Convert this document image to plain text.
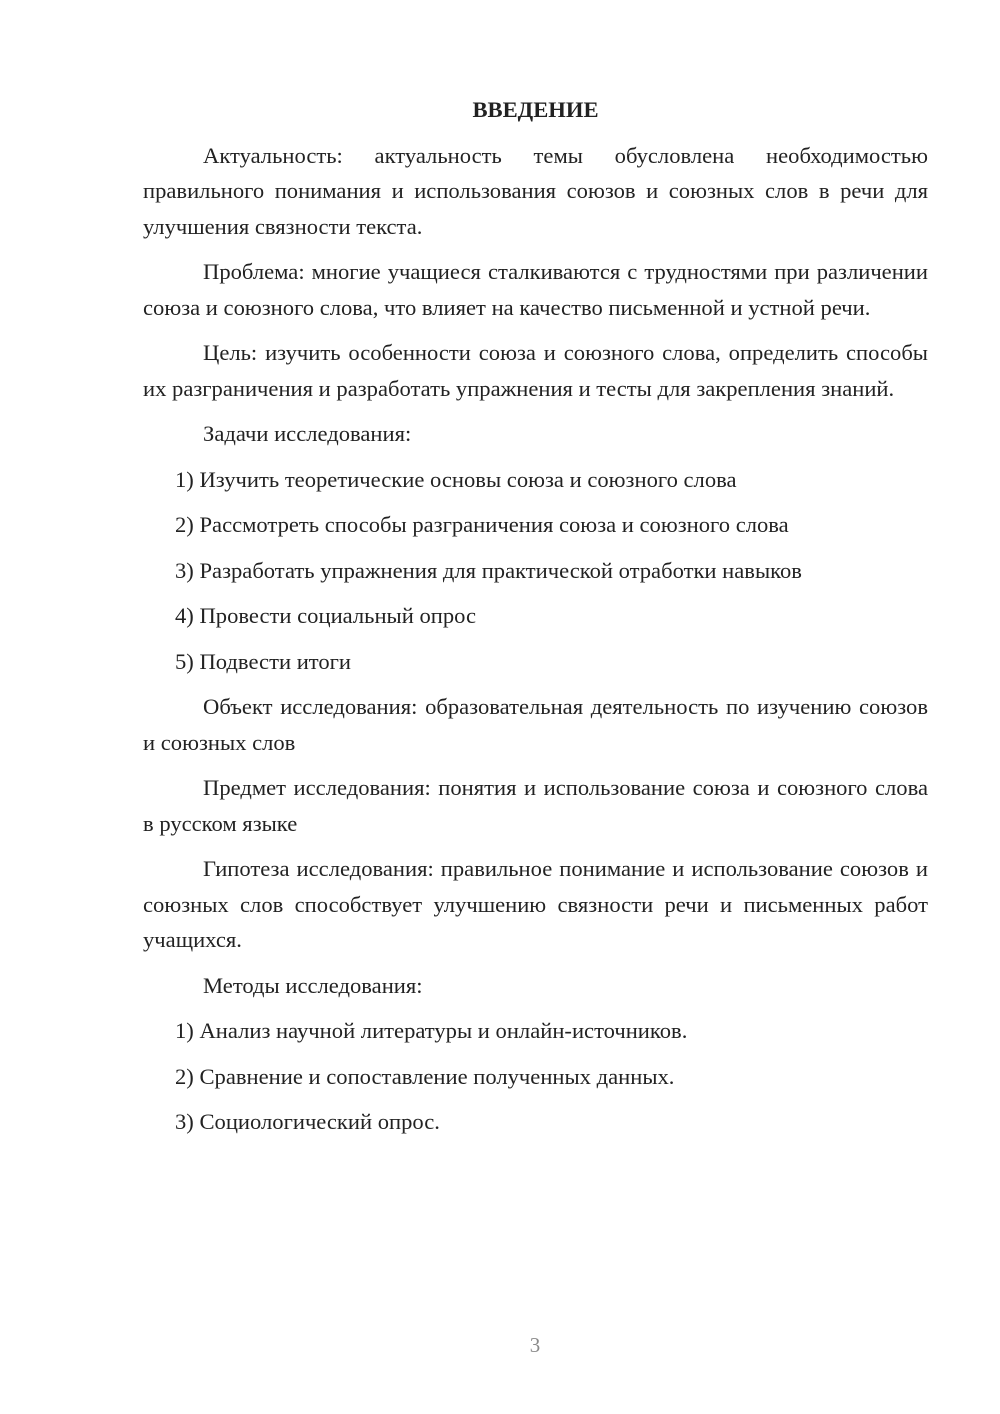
ВВЕДЕНИЕ
Актуальность: актуальность темы обусловлена необходимостью правильного понимания и использования союзов и союзных слов в речи для улучшения связности текста.
Проблема: многие учащиеся сталкиваются с трудностями при различении союза и союзного слова, что влияет на качество письменной и устной речи.
Цель: изучить особенности союза и союзного слова, определить способы их разграничения и разработать упражнения и тесты для закрепления знаний.
Задачи исследования:
1) Изучить теоретические основы союза и союзного слова
2) Рассмотреть способы разграничения союза и союзного слова
3) Разработать упражнения для практической отработки навыков
4) Провести социальный опрос
5) Подвести итоги
Объект исследования: образовательная деятельность по изучению союзов и союзных слов
Предмет исследования: понятия и использование союза и союзного слова в русском языке
Гипотеза исследования: правильное понимание и использование союзов и союзных слов способствует улучшению связности речи и письменных работ учащихся.
Методы исследования:
1) Анализ научной литературы и онлайн-источников.
2) Сравнение и сопоставление полученных данных.
3) Социологический опрос.
3
